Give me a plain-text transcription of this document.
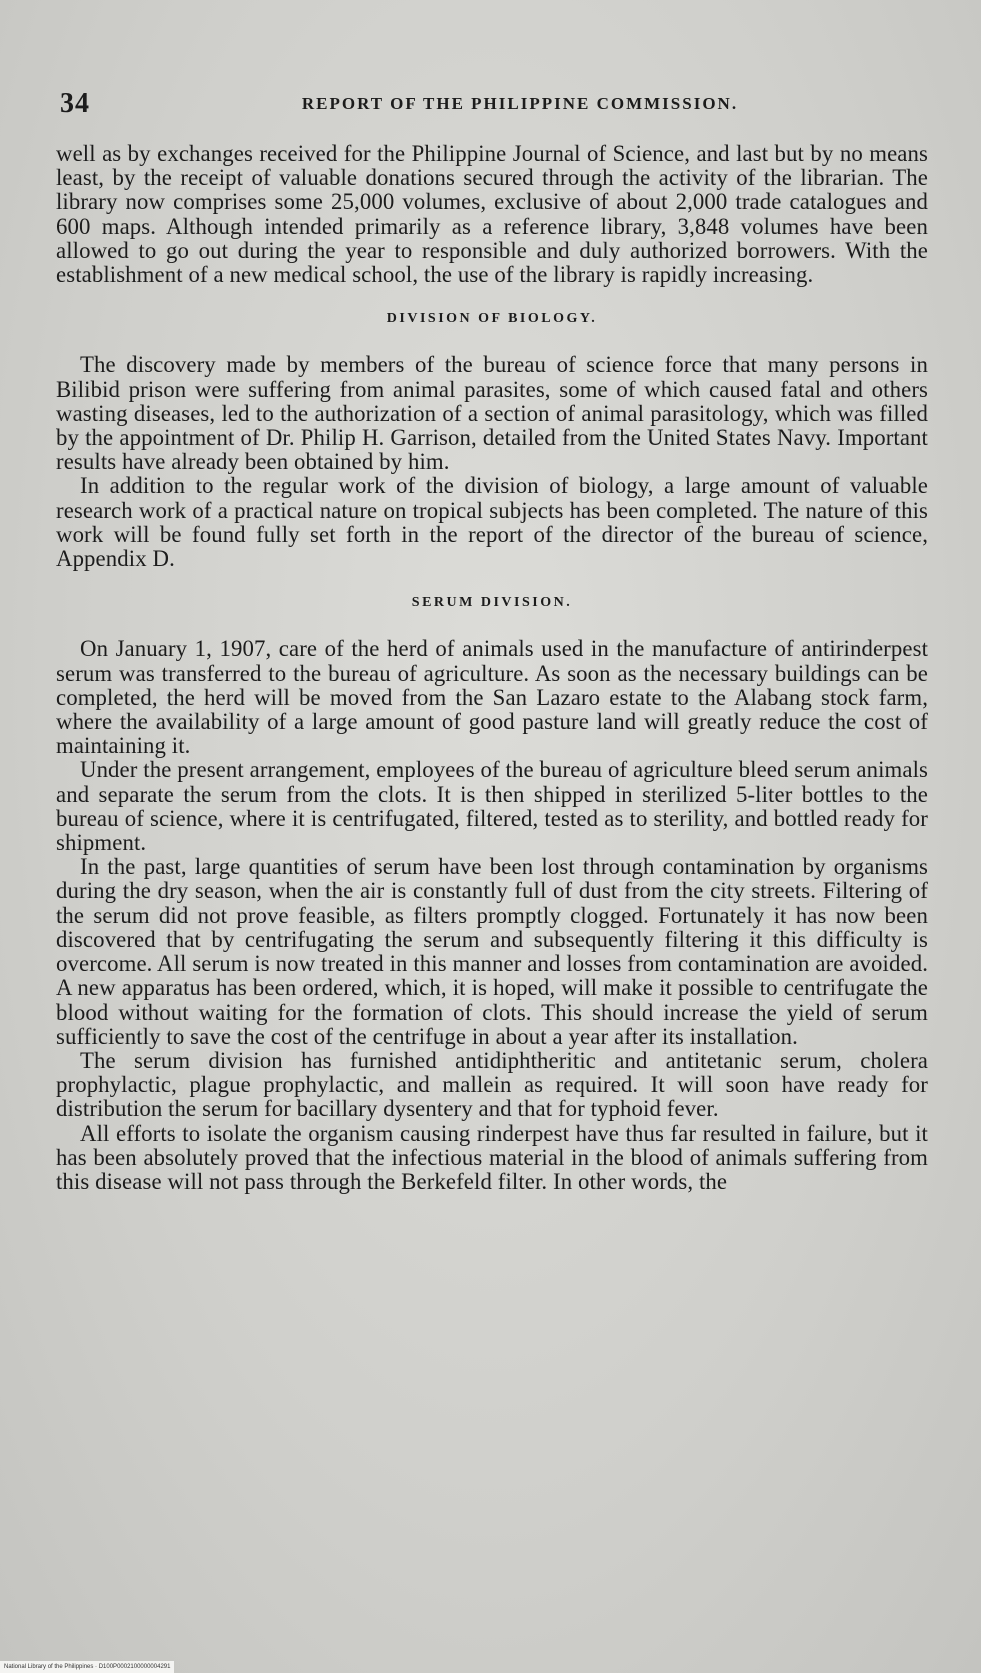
34	REPORT OF THE PHILIPPINE COMMISSION.

well as by exchanges received for the Philippine Journal of Science, and last but by no means least, by the receipt of valuable donations secured through the activity of the librarian. The library now comprises some 25,000 volumes, exclusive of about 2,000 trade catalogues and 600 maps. Although intended primarily as a reference library, 3,848 volumes have been allowed to go out during the year to responsible and duly authorized borrowers. With the establishment of a new medical school, the use of the library is rapidly increasing.

DIVISION OF BIOLOGY.

The discovery made by members of the bureau of science force that many persons in Bilibid prison were suffering from animal parasites, some of which caused fatal and others wasting diseases, led to the authorization of a section of animal parasitology, which was filled by the appointment of Dr. Philip H. Garrison, detailed from the United States Navy. Important results have already been obtained by him.

In addition to the regular work of the division of biology, a large amount of valuable research work of a practical nature on tropical subjects has been completed. The nature of this work will be found fully set forth in the report of the director of the bureau of science, Appendix D.

SERUM DIVISION.

On January 1, 1907, care of the herd of animals used in the manufacture of antirinderpest serum was transferred to the bureau of agriculture. As soon as the necessary buildings can be completed, the herd will be moved from the San Lazaro estate to the Alabang stock farm, where the availability of a large amount of good pasture land will greatly reduce the cost of maintaining it.

Under the present arrangement, employees of the bureau of agriculture bleed serum animals and separate the serum from the clots. It is then shipped in sterilized 5-liter bottles to the bureau of science, where it is centrifugated, filtered, tested as to sterility, and bottled ready for shipment.

In the past, large quantities of serum have been lost through contamination by organisms during the dry season, when the air is constantly full of dust from the city streets. Filtering of the serum did not prove feasible, as filters promptly clogged. Fortunately it has now been discovered that by centrifugating the serum and subsequently filtering it this difficulty is overcome. All serum is now treated in this manner and losses from contamination are avoided. A new apparatus has been ordered, which, it is hoped, will make it possible to centrifugate the blood without waiting for the formation of clots. This should increase the yield of serum sufficiently to save the cost of the centrifuge in about a year after its installation.

The serum division has furnished antidiphtheritic and antitetanic serum, cholera prophylactic, plague prophylactic, and mallein as required. It will soon have ready for distribution the serum for bacillary dysentery and that for typhoid fever.

All efforts to isolate the organism causing rinderpest have thus far resulted in failure, but it has been absolutely proved that the infectious material in the blood of animals suffering from this disease will not pass through the Berkefeld filter. In other words, the

National Library of the Philippines · D100P0002100000004291
